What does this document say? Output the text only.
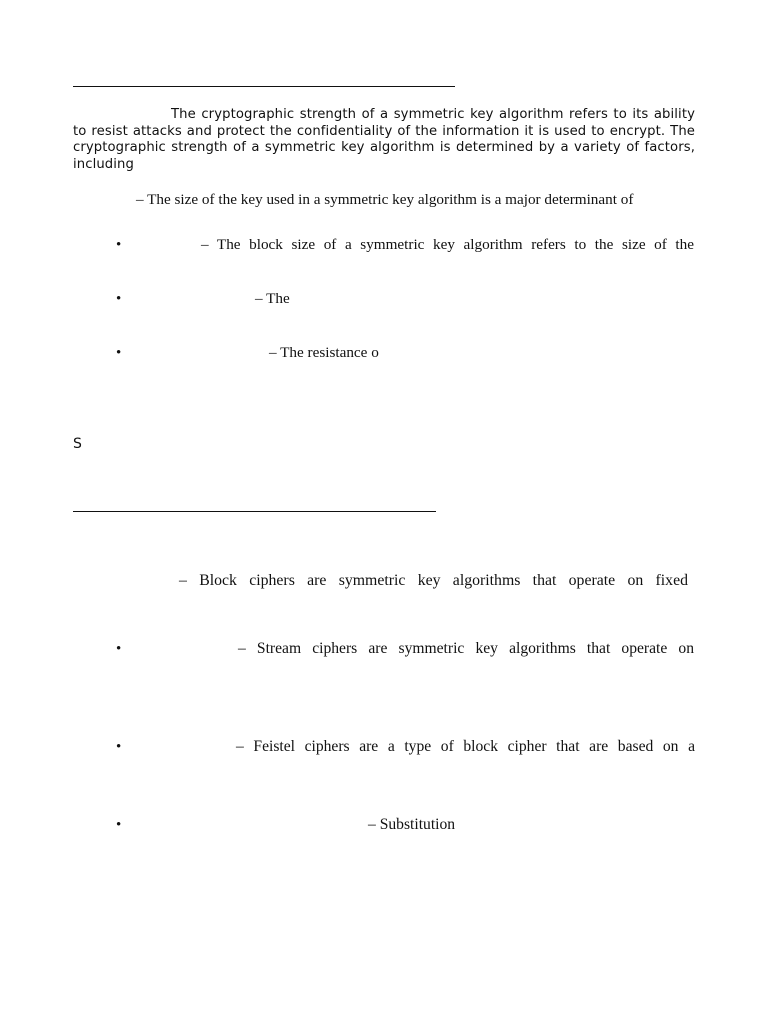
The cryptographic strength of a symmetric key algorithm refers to its ability to resist attacks and protect the confidentiality of the information it is used to encrypt. The cryptographic strength of a symmetric key algorithm is determined by a variety of factors, including
– The size of the key used in a symmetric key algorithm is a major determinant of
•	– The block size of a symmetric key algorithm refers to the size of the
•	– The
•	– The resistance o
S
– Block ciphers are symmetric key algorithms that operate on fixed
•	– Stream ciphers are symmetric key algorithms that operate on
•	– Feistel ciphers are a type of block cipher that are based on a
•	– Substitution
